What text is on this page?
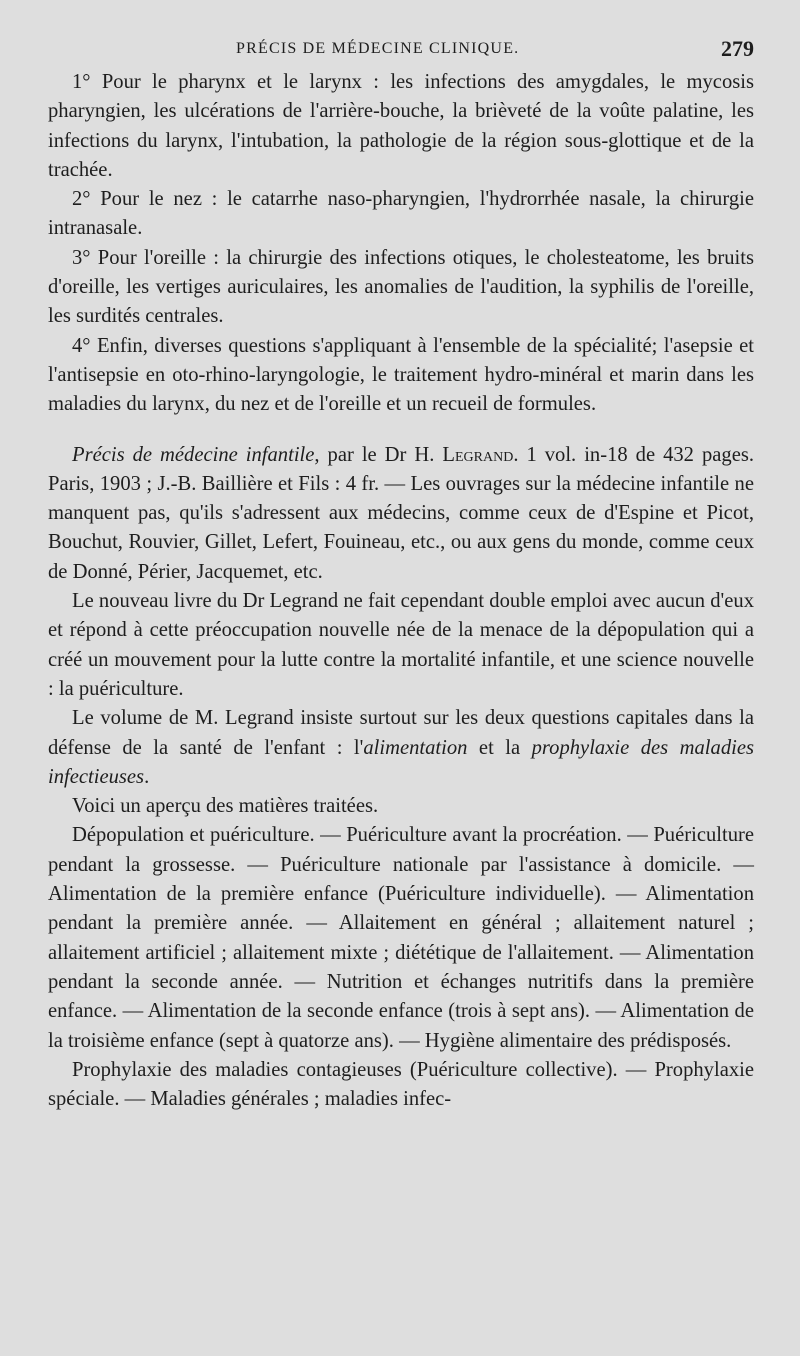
PRÉCIS DE MÉDECINE CLINIQUE.	279

1° Pour le pharynx et le larynx : les infections des amygdales, le mycosis pharyngien, les ulcérations de l'arrière-bouche, la brièveté de la voûte palatine, les infections du larynx, l'intubation, la pathologie de la région sous-glottique et de la trachée.

2° Pour le nez : le catarrhe naso-pharyngien, l'hydrorrhée nasale, la chirurgie intranasale.

3° Pour l'oreille : la chirurgie des infections otiques, le cholesteatome, les bruits d'oreille, les vertiges auriculaires, les anomalies de l'audition, la syphilis de l'oreille, les surdités centrales.

4° Enfin, diverses questions s'appliquant à l'ensemble de la spécialité; l'asepsie et l'antisepsie en oto-rhino-laryngologie, le traitement hydro-minéral et marin dans les maladies du larynx, du nez et de l'oreille et un recueil de formules.

Précis de médecine infantile, par le Dr H. Legrand. 1 vol. in-18 de 432 pages. Paris, 1903 ; J.-B. Baillière et Fils : 4 fr. — Les ouvrages sur la médecine infantile ne manquent pas, qu'ils s'adressent aux médecins, comme ceux de d'Espine et Picot, Bouchut, Rouvier, Gillet, Lefert, Fouineau, etc., ou aux gens du monde, comme ceux de Donné, Périer, Jacquemet, etc.

Le nouveau livre du Dr Legrand ne fait cependant double emploi avec aucun d'eux et répond à cette préoccupation nouvelle née de la menace de la dépopulation qui a créé un mouvement pour la lutte contre la mortalité infantile, et une science nouvelle : la puériculture.

Le volume de M. Legrand insiste surtout sur les deux questions capitales dans la défense de la santé de l'enfant : l'alimentation et la prophylaxie des maladies infectieuses.

Voici un aperçu des matières traitées.

Dépopulation et puériculture. — Puériculture avant la procréation. — Puériculture pendant la grossesse. — Puériculture nationale par l'assistance à domicile. — Alimentation de la première enfance (Puériculture individuelle). — Alimentation pendant la première année. — Allaitement en général ; allaitement naturel ; allaitement artificiel ; allaitement mixte ; diététique de l'allaitement. — Alimentation pendant la seconde année. — Nutrition et échanges nutritifs dans la première enfance. — Alimentation de la seconde enfance (trois à sept ans). — Alimentation de la troisième enfance (sept à quatorze ans). — Hygiène alimentaire des prédisposés.

Prophylaxie des maladies contagieuses (Puériculture collective). — Prophylaxie spéciale. — Maladies générales ; maladies infec-
